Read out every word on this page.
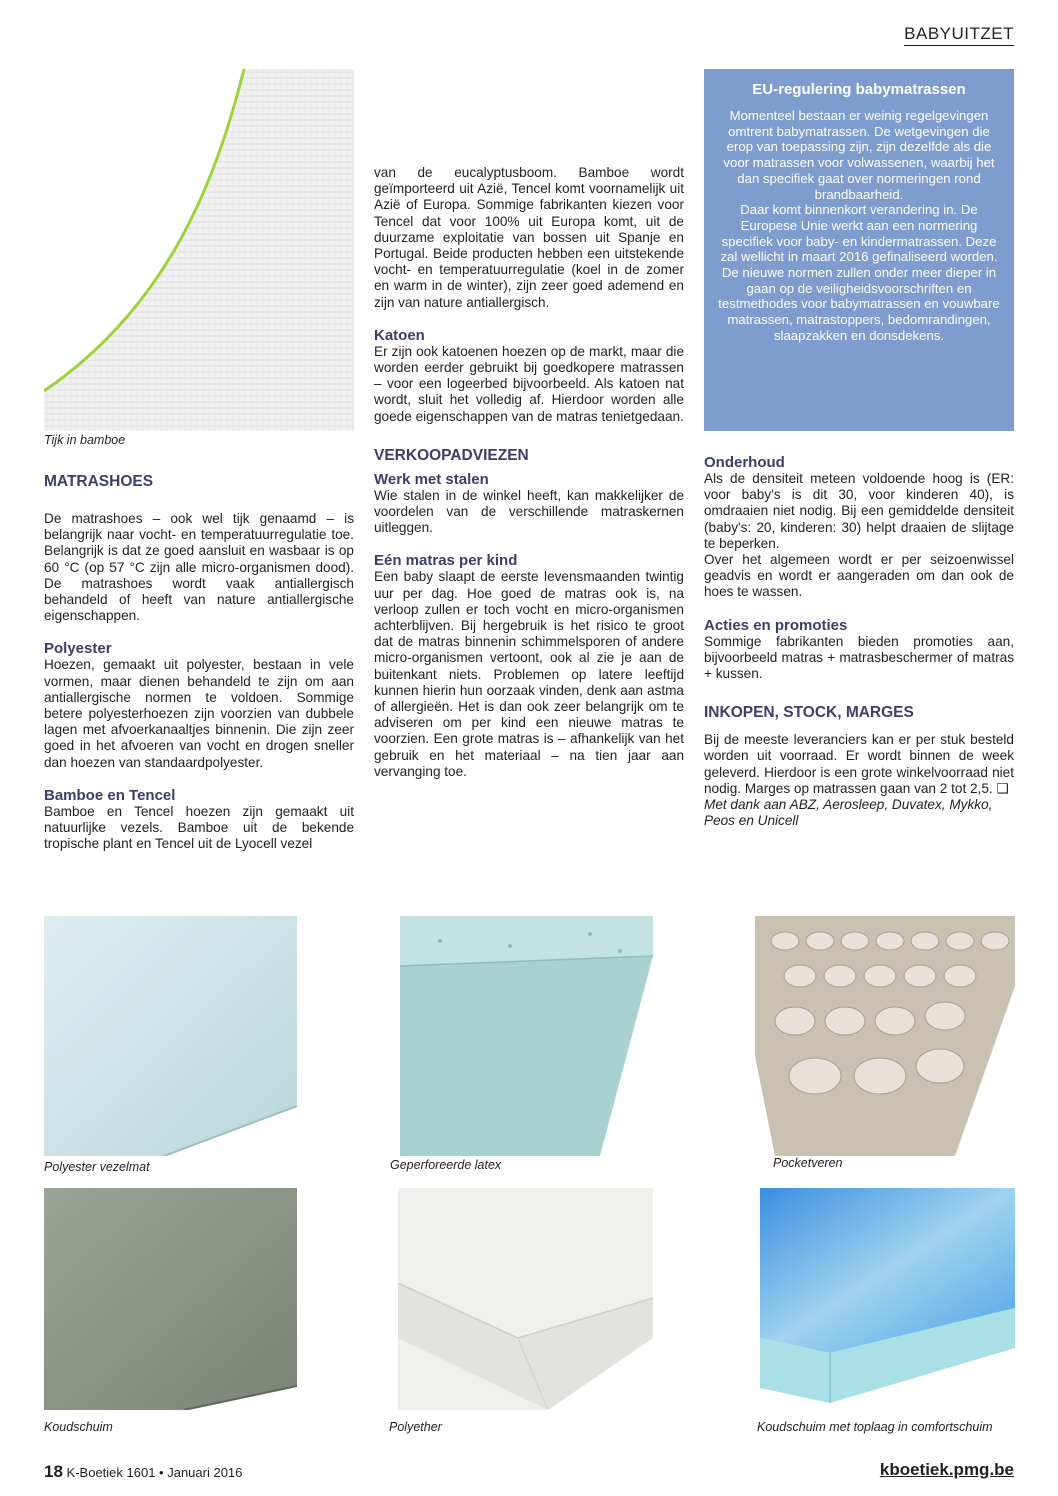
BABYUITZET
Tijk in bamboe
MATRASHOES

De matrashoes – ook wel tijk genaamd – is belangrijk naar vocht- en temperatuurregulatie toe. Belangrijk is dat ze goed aansluit en wasbaar is op 60 °C (op 57 °C zijn alle micro-organismen dood). De matrashoes wordt vaak antiallergisch behandeld of heeft van nature antiallergische eigenschappen.

Polyester

Hoezen, gemaakt uit polyester, bestaan in vele vormen, maar dienen behandeld te zijn om aan antiallergische normen te voldoen. Sommige betere polyesterhoezen zijn voorzien van dubbele lagen met afvoerkanaaltjes binnenin. Die zijn zeer goed in het afvoeren van vocht en drogen sneller dan hoezen van standaardpolyester.

Bamboe en Tencel

Bamboe en Tencel hoezen zijn gemaakt uit natuurlijke vezels. Bamboe uit de bekende tropische plant en Tencel uit de Lyocell vezel

van de eucalyptusboom. Bamboe wordt geïmporteerd uit Azië, Tencel komt voornamelijk uit Azië of Europa. Sommige fabrikanten kiezen voor Tencel dat voor 100% uit Europa komt, uit de duurzame exploitatie van bossen uit Spanje en Portugal. Beide producten hebben een uitstekende vocht- en temperatuurregulatie (koel in de zomer en warm in de winter), zijn zeer goed ademend en zijn van nature antiallergisch.

Katoen

Er zijn ook katoenen hoezen op de markt, maar die worden eerder gebruikt bij goedkopere matrassen – voor een logeerbed bijvoorbeeld. Als katoen nat wordt, sluit het volledig af. Hierdoor worden alle goede eigenschappen van de matras tenietgedaan.

VERKOOPADVIEZEN
Werk met stalen

Wie stalen in de winkel heeft, kan makkelijker de voordelen van de verschillende matraskernen uitleggen.

Eén matras per kind

Een baby slaapt de eerste levensmaanden twintig uur per dag. Hoe goed de matras ook is, na verloop zullen er toch vocht en micro-organismen achterblijven. Bij hergebruik is het risico te groot dat de matras binnenin schimmelsporen of andere micro-organismen vertoont, ook al zie je aan de buitenkant niets. Problemen op latere leeftijd kunnen hierin hun oorzaak vinden, denk aan astma of allergieën. Het is dan ook zeer belangrijk om te adviseren om per kind een nieuwe matras te voorzien. Een grote matras is – afhankelijk van het gebruik en het materiaal – na tien jaar aan vervanging toe.

EU-regulering babymatrassen

Momenteel bestaan er weinig regelgevingen omtrent babymatrassen. De wetgevingen die erop van toepassing zijn, zijn dezelfde als die voor matrassen voor volwassenen, waarbij het dan specifiek gaat over normeringen rond brandbaarheid.

Daar komt binnenkort verandering in. De Europese Unie werkt aan een normering specifiek voor baby- en kindermatrassen. Deze zal wellicht in maart 2016 gefinaliseerd worden.

De nieuwe normen zullen onder meer dieper in gaan op de veiligheidsvoorschriften en testmethodes voor babymatrassen en vouwbare matrassen, matrastoppers, bedomrandingen, slaapzakken en donsdekens.

Onderhoud

Als de densiteit meteen voldoende hoog is (ER: voor baby's is dit 30, voor kinderen 40), is omdraaien niet nodig. Bij een gemiddelde densiteit (baby's: 20, kinderen: 30) helpt draaien de slijtage te beperken.

Over het algemeen wordt er per seizoenwissel geadvis en wordt er aangeraden om dan ook de hoes te wassen.

Acties en promoties

Sommige fabrikanten bieden promoties aan, bijvoorbeeld matras + matrasbeschermer of matras + kussen.

INKOPEN, STOCK, MARGES

Bij de meeste leveranciers kan er per stuk besteld worden uit voorraad. Er wordt binnen de week geleverd. Hierdoor is een grote winkelvoorraad niet nodig. Marges op matrassen gaan van 2 tot 2,5. ❑

Met dank aan ABZ, Aerosleep, Duvatex, Mykko, Peos en Unicell

Polyester vezelmat	Geperforeerde latex	Pocketveren
Koudschuim	Polyether	Koudschuim met toplaag in comfortschuim
18 K-Boetiek 1601 • Januari 2016	kboetiek.pmg.be
